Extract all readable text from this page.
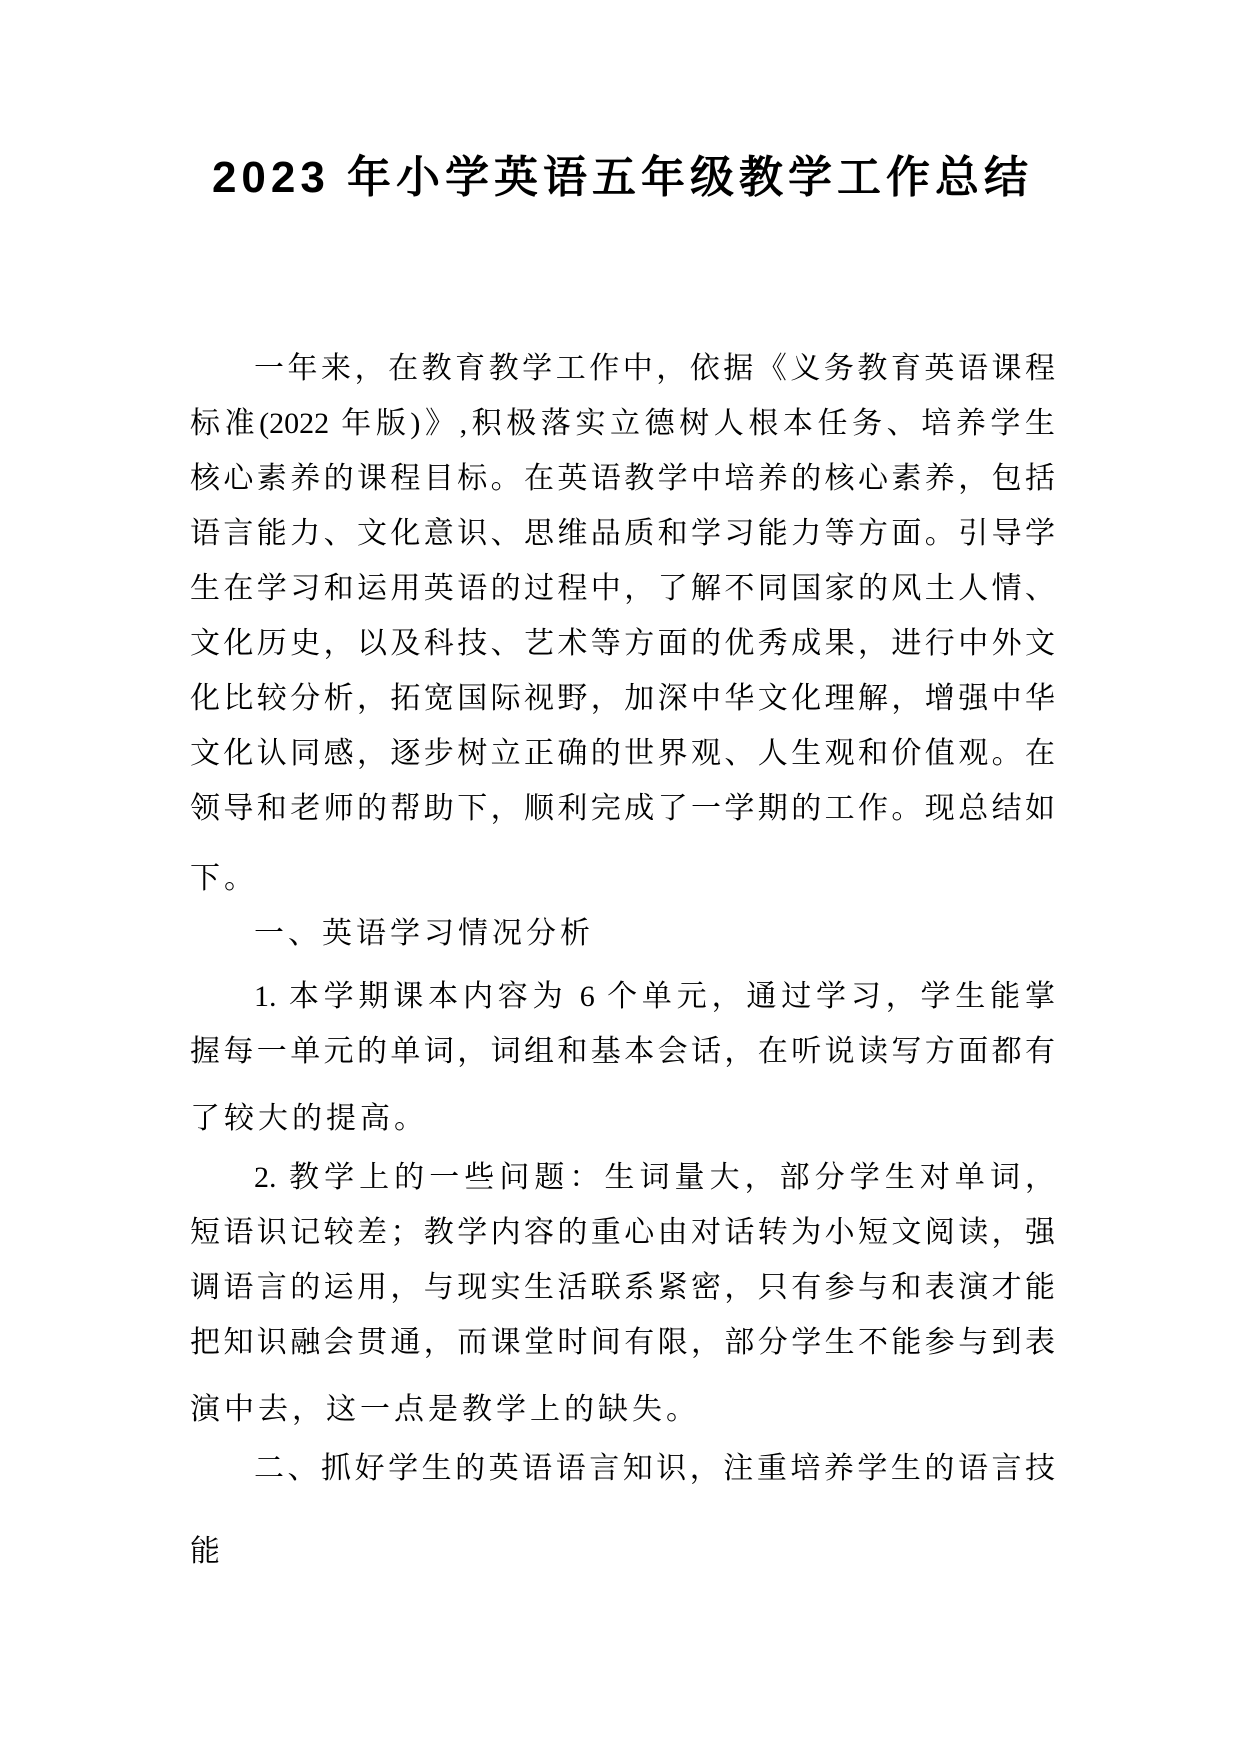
2023 年小学英语五年级教学工作总结
一年来，在教育教学工作中，依据《义务教育英语课程
标准(2022 年版)》,积极落实立德树人根本任务、培养学生
核心素养的课程目标。在英语教学中培养的核心素养，包括
语言能力、文化意识、思维品质和学习能力等方面。引导学
生在学习和运用英语的过程中，了解不同国家的风土人情、
文化历史，以及科技、艺术等方面的优秀成果，进行中外文
化比较分析，拓宽国际视野，加深中华文化理解，增强中华
文化认同感，逐步树立正确的世界观、人生观和价值观。在
领导和老师的帮助下，顺利完成了一学期的工作。现总结如
下。
一、英语学习情况分析
1. 本学期课本内容为 6 个单元，通过学习，学生能掌
握每一单元的单词，词组和基本会话，在听说读写方面都有
了较大的提高。
2. 教学上的一些问题：生词量大，部分学生对单词，
短语识记较差；教学内容的重心由对话转为小短文阅读，强
调语言的运用，与现实生活联系紧密，只有参与和表演才能
把知识融会贯通，而课堂时间有限，部分学生不能参与到表
演中去，这一点是教学上的缺失。
二、抓好学生的英语语言知识，注重培养学生的语言技
能
